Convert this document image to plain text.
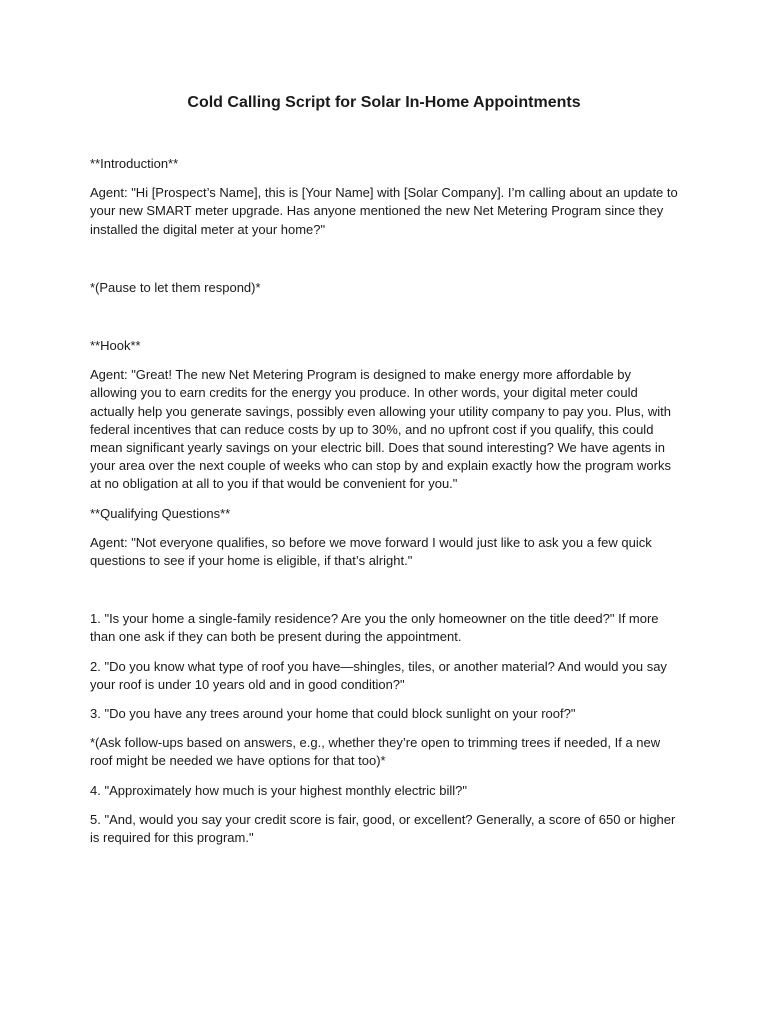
Cold Calling Script for Solar In-Home Appointments

**Introduction**

Agent: "Hi [Prospect’s Name], this is [Your Name] with [Solar Company]. I’m calling about an update to your new SMART meter upgrade. Has anyone mentioned the new Net Metering Program since they installed the digital meter at your home?"

*(Pause to let them respond)*

**Hook**

Agent: "Great! The new Net Metering Program is designed to make energy more affordable by allowing you to earn credits for the energy you produce. In other words, your digital meter could actually help you generate savings, possibly even allowing your utility company to pay you. Plus, with federal incentives that can reduce costs by up to 30%, and no upfront cost if you qualify, this could mean significant yearly savings on your electric bill. Does that sound interesting? We have agents in your area over the next couple of weeks who can stop by and explain exactly how the program works at no obligation at all to you if that would be convenient for you."

**Qualifying Questions**

Agent: "Not everyone qualifies, so before we move forward I would just like to ask you a few quick questions to see if your home is eligible, if that’s alright."

1. "Is your home a single-family residence? Are you the only homeowner on the title deed?" If more than one ask if they can both be present during the appointment.

2. "Do you know what type of roof you have—shingles, tiles, or another material? And would you say your roof is under 10 years old and in good condition?"

3. "Do you have any trees around your home that could block sunlight on your roof?"

*(Ask follow-ups based on answers, e.g., whether they’re open to trimming trees if needed, If a new roof might be needed we have options for that too)*

4. "Approximately how much is your highest monthly electric bill?"

5. "And, would you say your credit score is fair, good, or excellent? Generally, a score of 650 or higher is required for this program."
